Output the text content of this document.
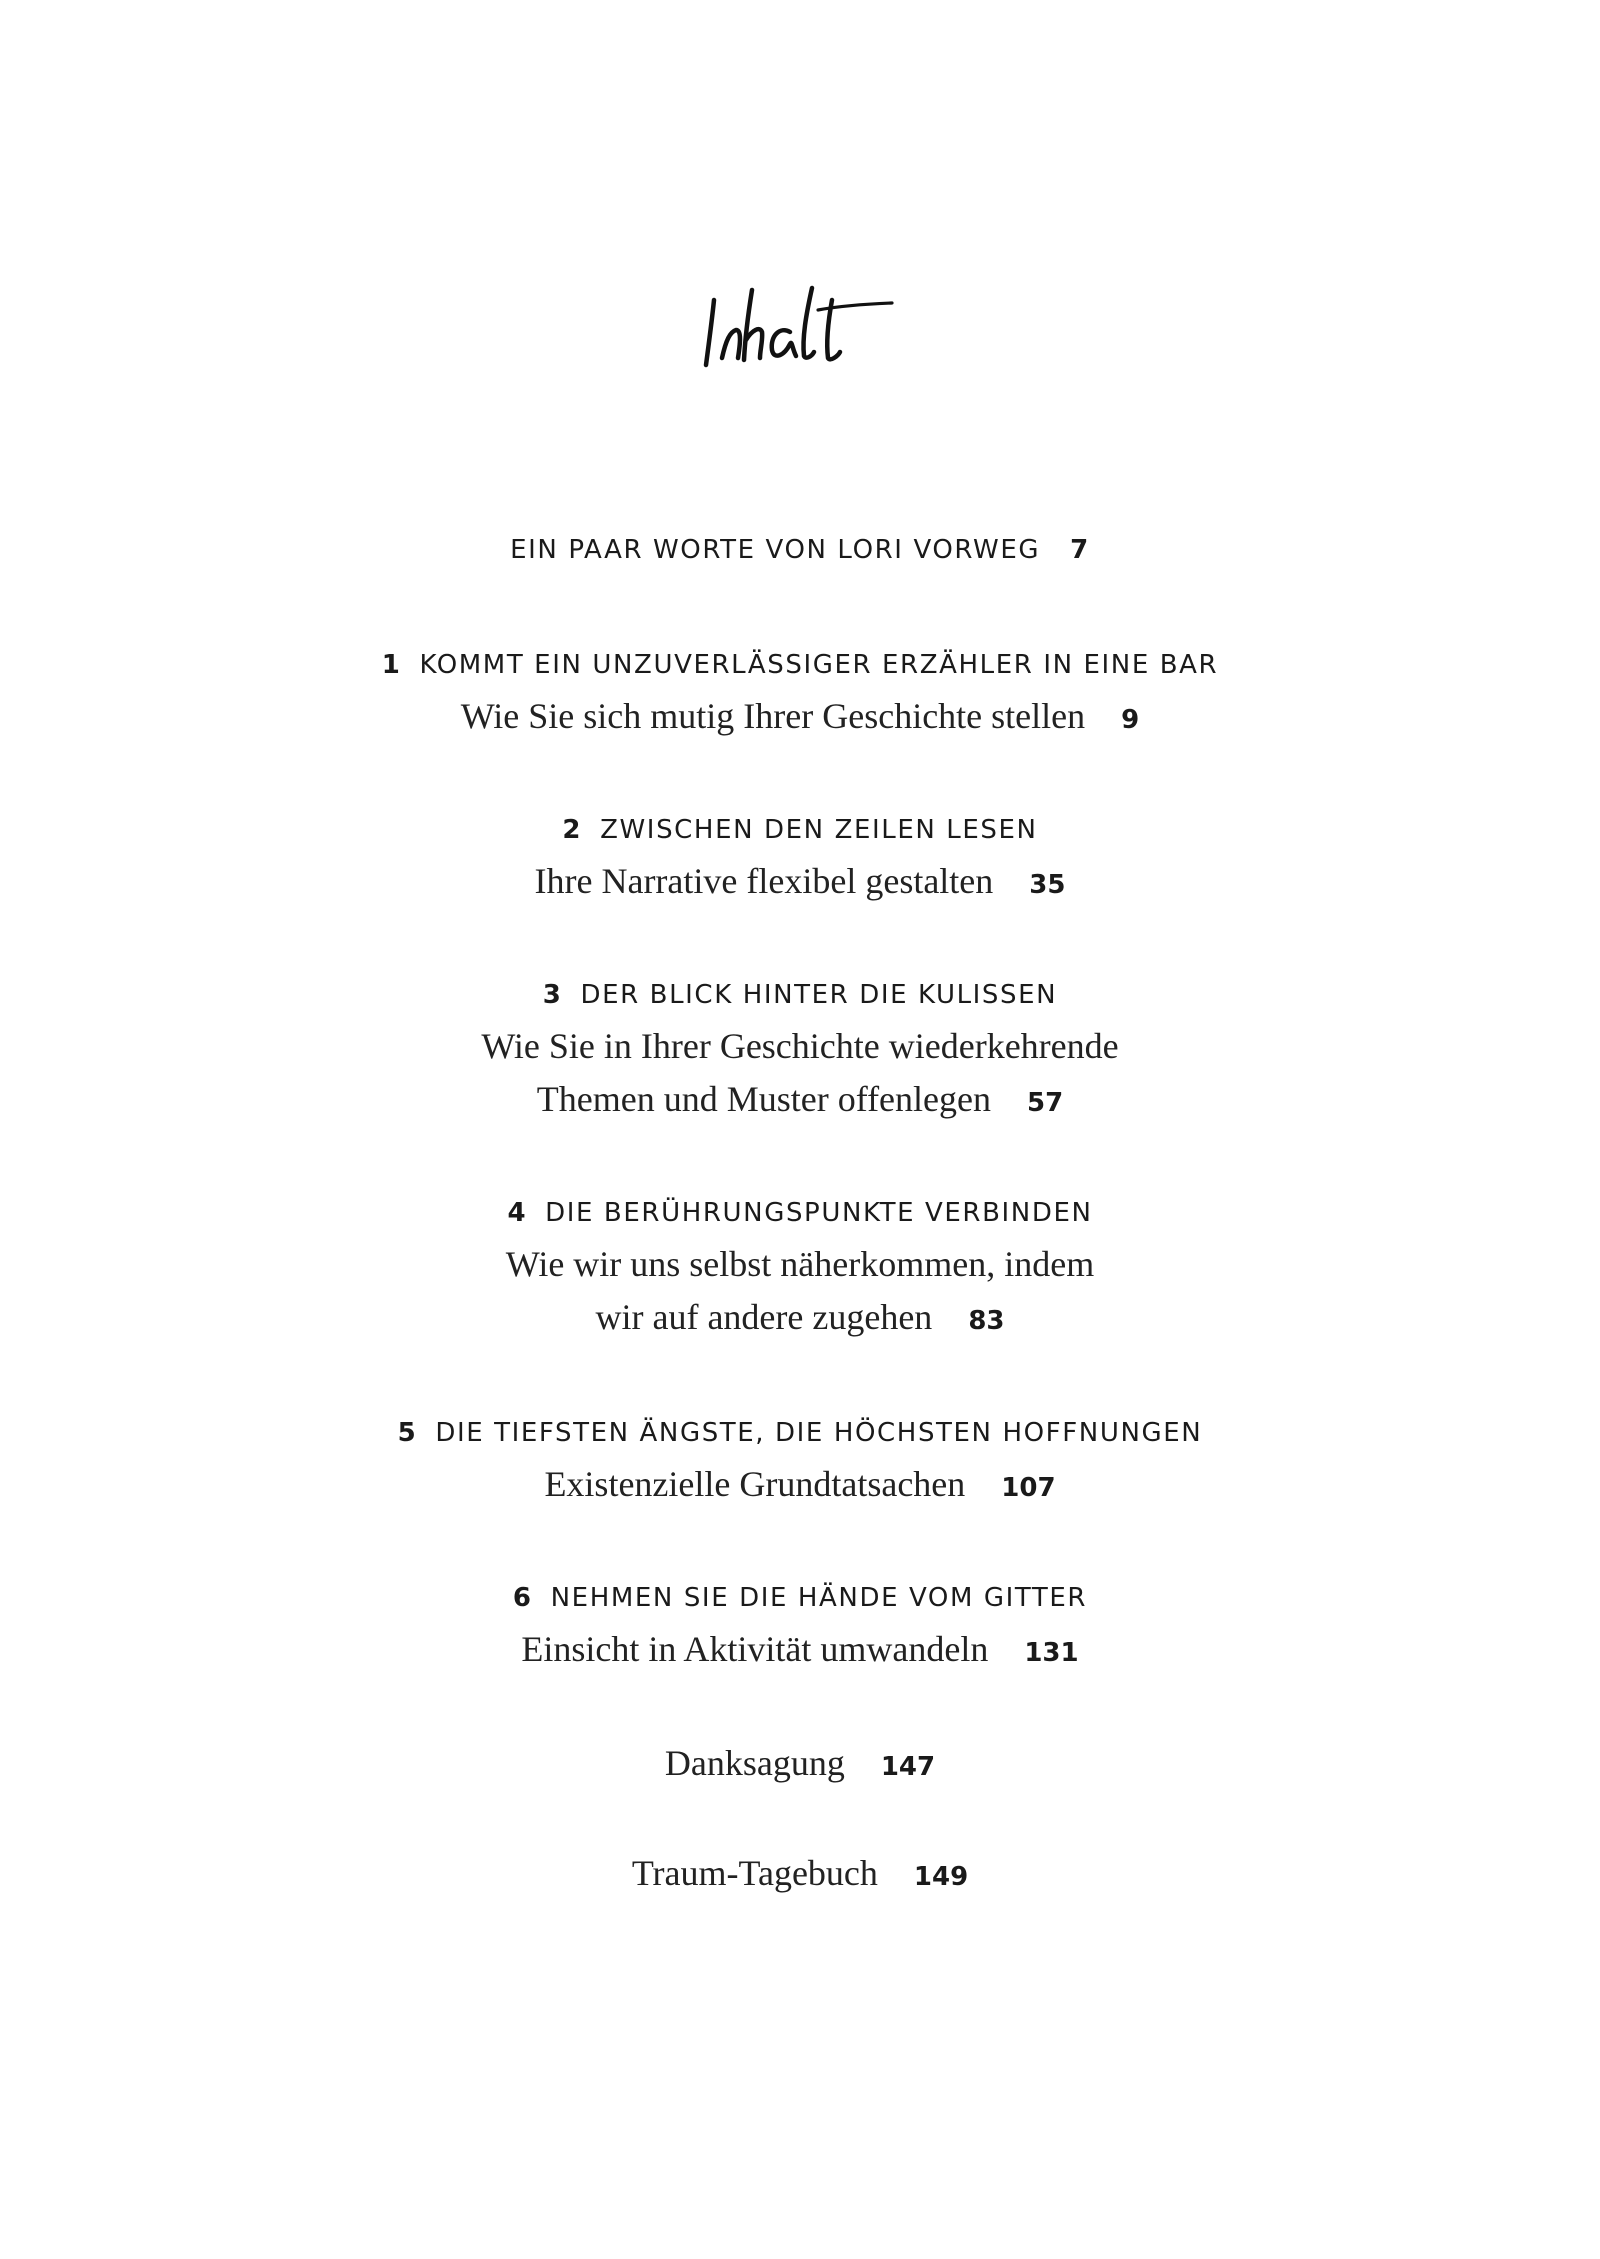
EIN PAAR WORTE VON LORI VORWEG 7
1 KOMMT EIN UNZUVERLÄSSIGER ERZÄHLER IN EINE BAR
Wie Sie sich mutig Ihrer Geschichte stellen 9
2 ZWISCHEN DEN ZEILEN LESEN
Ihre Narrative flexibel gestalten 35
3 DER BLICK HINTER DIE KULISSEN
Wie Sie in Ihrer Geschichte wiederkehrende
Themen und Muster offenlegen 57
4 DIE BERÜHRUNGSPUNKTE VERBINDEN
Wie wir uns selbst näherkommen, indem
wir auf andere zugehen 83
5 DIE TIEFSTEN ÄNGSTE, DIE HÖCHSTEN HOFFNUNGEN
Existenzielle Grundtatsachen 107
6 NEHMEN SIE DIE HÄNDE VOM GITTER
Einsicht in Aktivität umwandeln 131
Danksagung 147
Traum-Tagebuch 149
